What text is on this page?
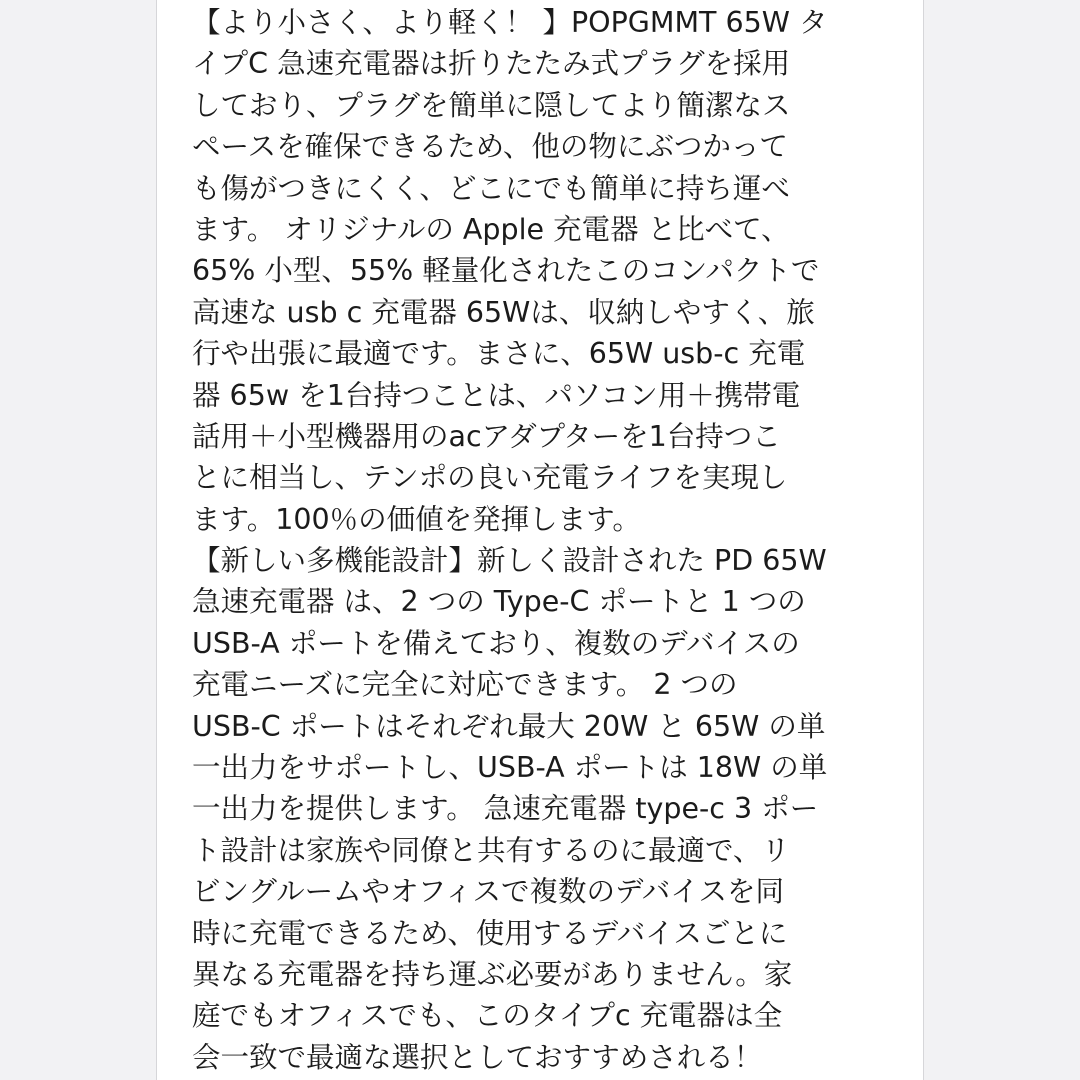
【より小さく、より軽く！ 】POPGMMT 65W タ
イプC 急速充電器は折りたたみ式プラグを採用
しており、プラグを簡単に隠してより簡潔なス
ペースを確保できるため、他の物にぶつかって
も傷がつきにくく、どこにでも簡単に持ち運べ
ます。 オリジナルの Apple 充電器 と比べて、
65% 小型、55% 軽量化されたこのコンパクトで
高速な usb c 充電器 65Wは、収納しやすく、旅
行や出張に最適です。まさに、65W usb-c 充電
器 65w を1台持つことは、パソコン用＋携帯電
話用＋小型機器用のacアダプターを1台持つこ
とに相当し、テンポの良い充電ライフを実現し
ます。100％の価値を発揮します。
【新しい多機能設計】新しく設計された PD 65W
急速充電器 は、2 つの Type-C ポートと 1 つの
USB-A ポートを備えており、複数のデバイスの
充電ニーズに完全に対応できます。 2 つの
USB-C ポートはそれぞれ最大 20W と 65W の単
一出力をサポートし、USB-A ポートは 18W の単
一出力を提供します。 急速充電器 type-c 3 ポー
ト設計は家族や同僚と共有するのに最適で、リ
ビングルームやオフィスで複数のデバイスを同
時に充電できるため、使用するデバイスごとに
異なる充電器を持ち運ぶ必要がありません。家
庭でもオフィスでも、このタイプc 充電器は全
会一致で最適な選択としておすすめされる！
